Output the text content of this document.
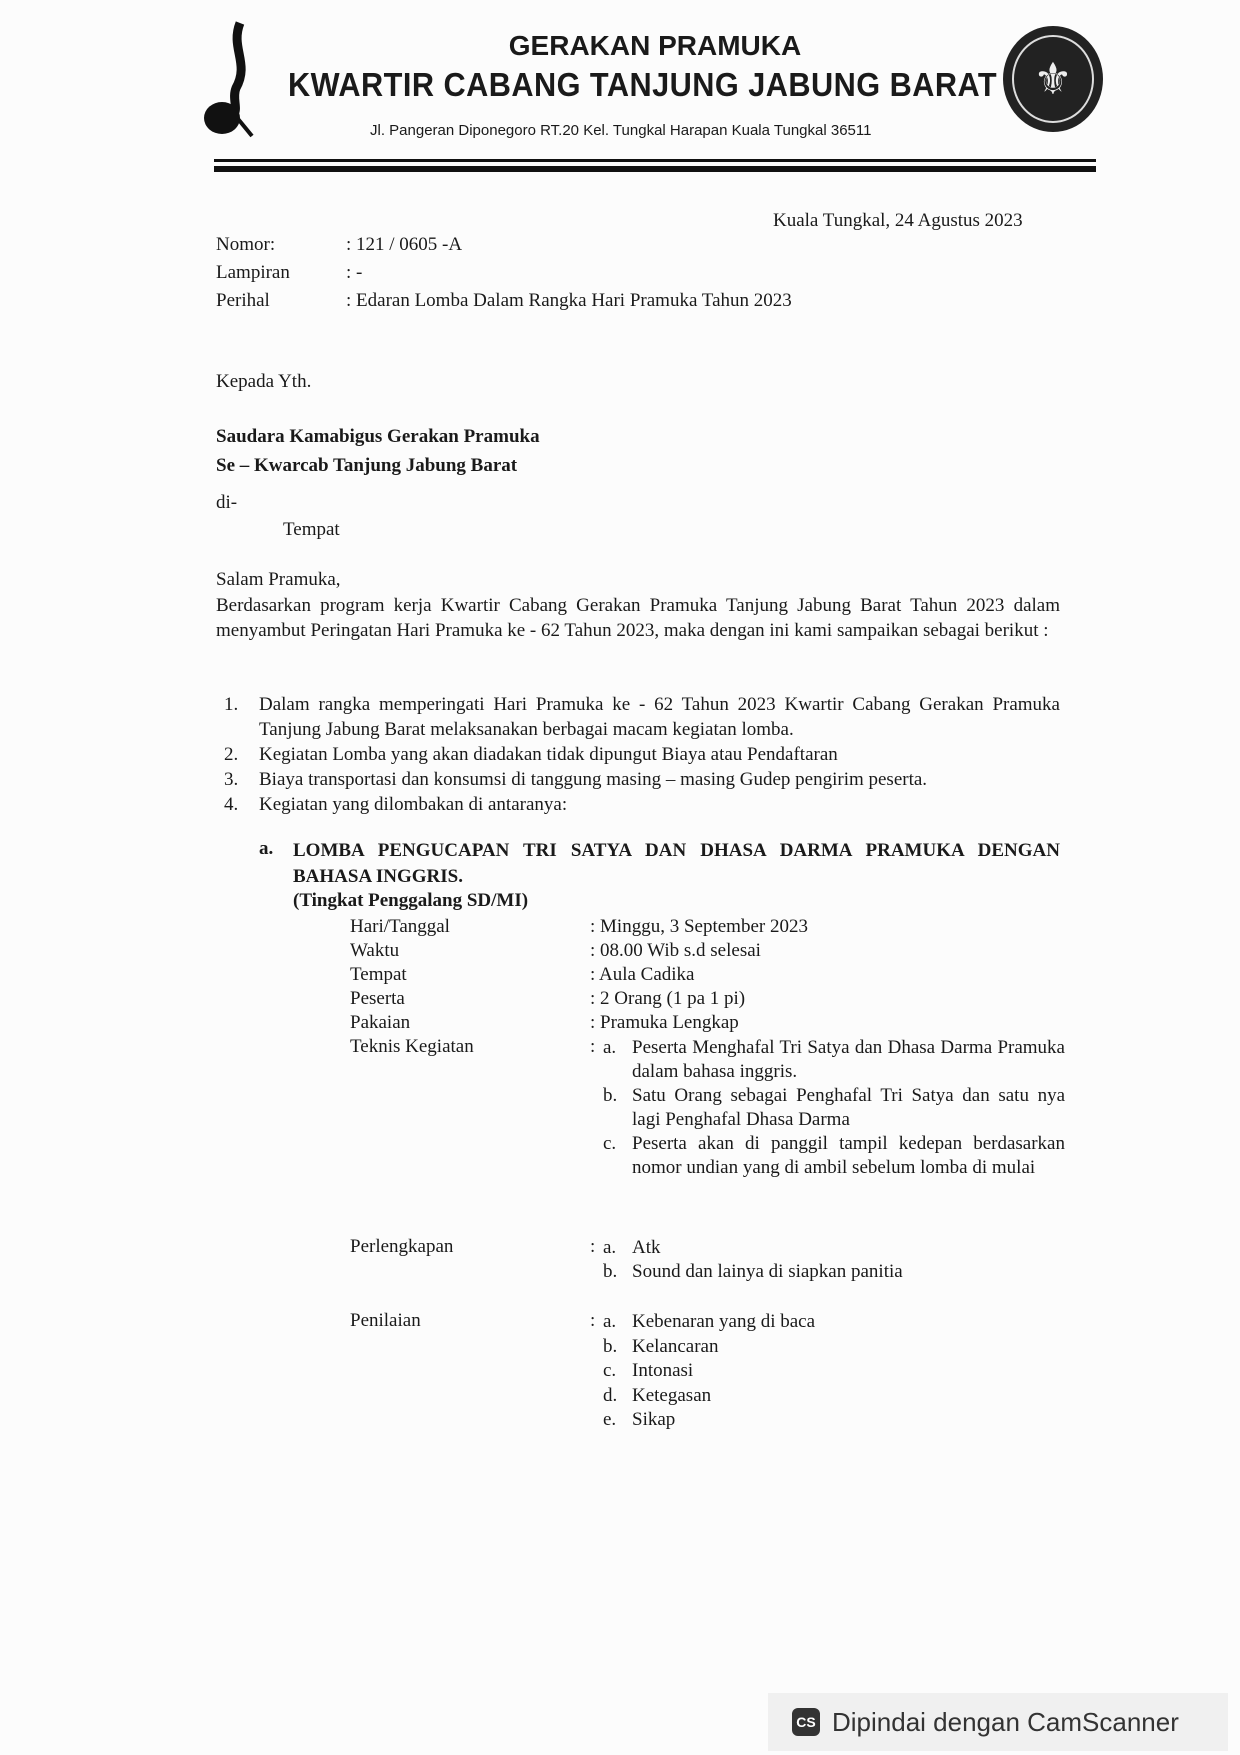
GERAKAN PRAMUKA
KWARTIR CABANG TANJUNG JABUNG BARAT
Jl. Pangeran Diponegoro RT.20 Kel. Tungkal Harapan Kuala Tungkal 36511
⚜
Kuala Tungkal, 24 Agustus 2023
Nomor:	: 121 / 0605 -A
Lampiran	: -
Perihal	: Edaran Lomba Dalam Rangka Hari Pramuka Tahun 2023
Kepada Yth.
Saudara Kamabigus Gerakan Pramuka
Se – Kwarcab Tanjung Jabung Barat
di-
Tempat
Salam Pramuka,
Berdasarkan program kerja Kwartir Cabang Gerakan Pramuka Tanjung Jabung Barat Tahun 2023 dalam menyambut Peringatan Hari Pramuka ke - 62 Tahun 2023, maka dengan ini kami sampaikan sebagai berikut :
1.	Dalam rangka memperingati Hari Pramuka ke - 62 Tahun 2023 Kwartir Cabang Gerakan Pramuka Tanjung Jabung Barat melaksanakan berbagai macam kegiatan lomba.
2.	Kegiatan Lomba yang akan diadakan tidak dipungut Biaya atau Pendaftaran
3.	Biaya transportasi dan konsumsi di tanggung masing – masing Gudep pengirim peserta.
4.	Kegiatan yang dilombakan di antaranya:
a. LOMBA PENGUCAPAN TRI SATYA DAN DHASA DARMA PRAMUKA DENGAN BAHASA INGGRIS.
(Tingkat Penggalang SD/MI)
Hari/Tanggal	: Minggu, 3 September 2023
Waktu	: 08.00 Wib s.d selesai
Tempat	: Aula Cadika
Peserta	: 2 Orang (1 pa 1 pi)
Pakaian	: Pramuka Lengkap
Teknis Kegiatan	: a. Peserta Menghafal Tri Satya dan Dhasa Darma Pramuka dalam bahasa inggris.
b. Satu Orang sebagai Penghafal Tri Satya dan satu nya lagi Penghafal Dhasa Darma
c. Peserta akan di panggil tampil kedepan berdasarkan nomor undian yang di ambil sebelum lomba di mulai
Perlengkapan	: a. Atk
b. Sound dan lainya di siapkan panitia
Penilaian	: a. Kebenaran yang di baca
b. Kelancaran
c. Intonasi
d. Ketegasan
e. Sikap
CS Dipindai dengan CamScanner
